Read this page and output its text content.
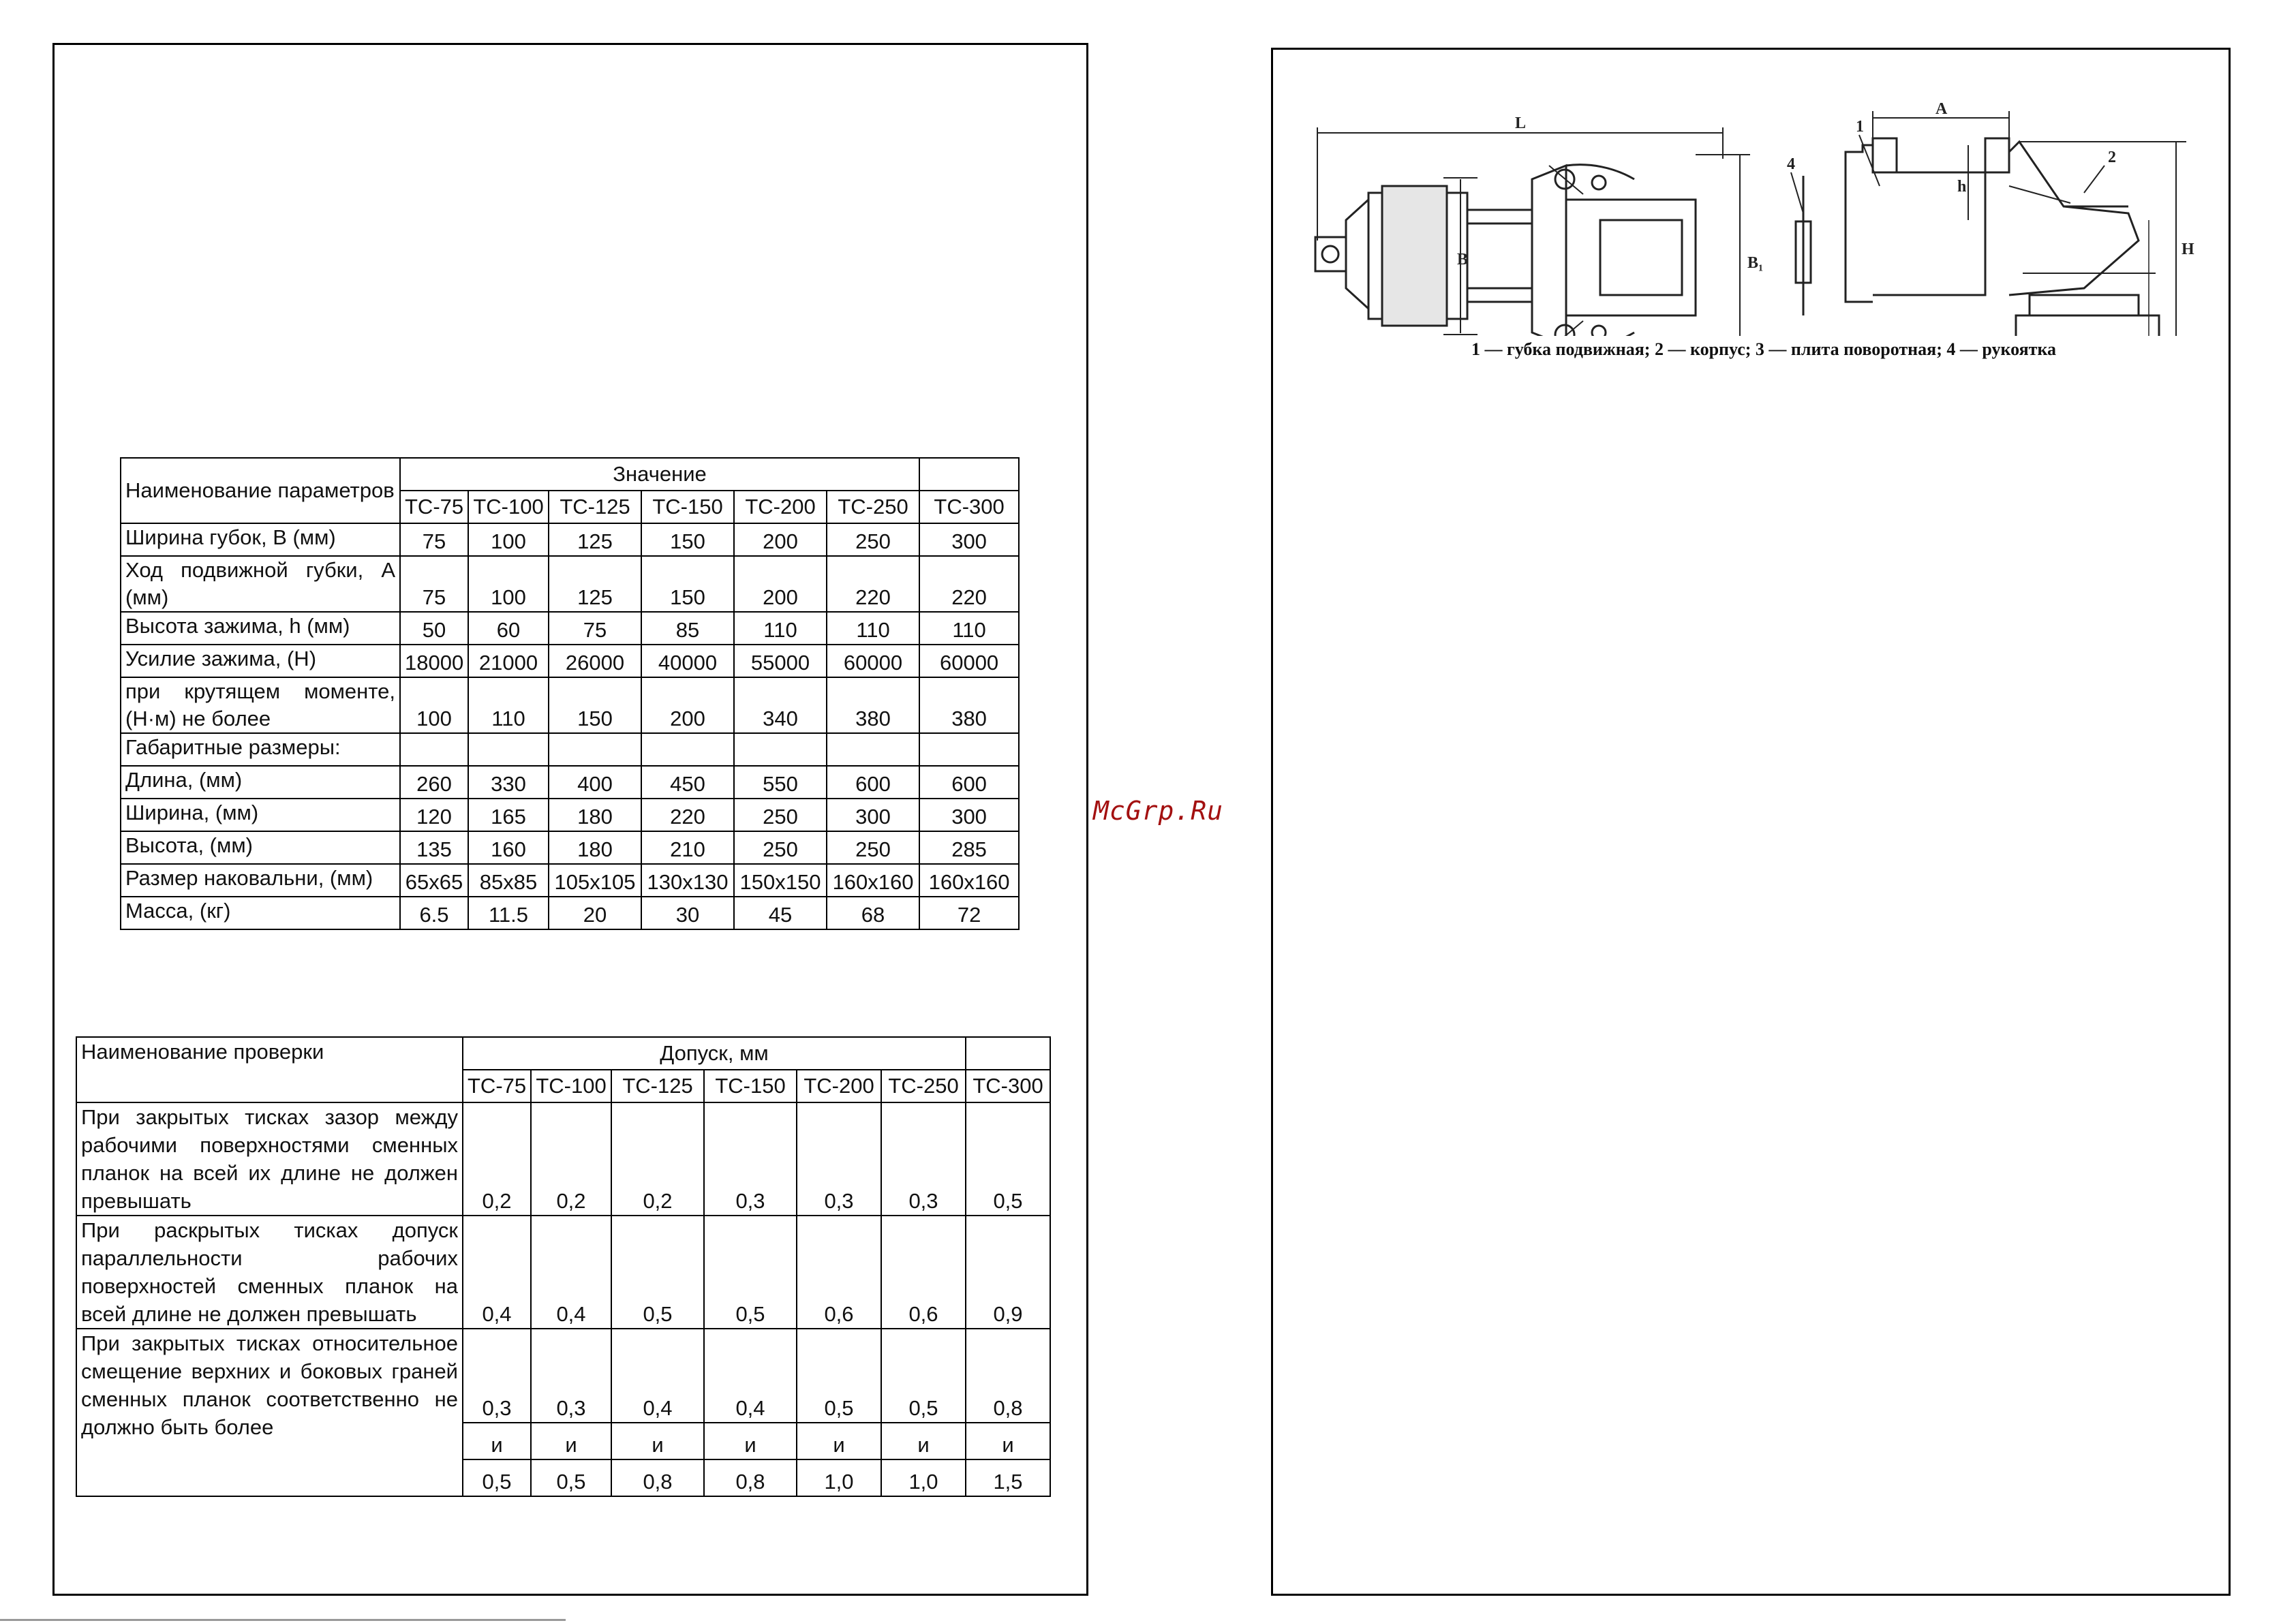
Наименование параметров	Значение						
	ТС-75	ТС-100	ТС-125	ТС-150	ТС-200	ТС-250	ТС-300
Ширина губок, В (мм)	75	100	125	150	200	250	300
Ход подвижной губки, А (мм)	75	100	125	150	200	220	220
Высота зажима, h (мм)	50	60	75	85	110	110	110
Усилие зажима, (Н)	18000	21000	26000	40000	55000	60000	60000
при крутящем моменте, (Н·м) не более	100	110	150	200	340	380	380
Габаритные размеры:							
Длина, (мм)	260	330	400	450	550	600	600
Ширина, (мм)	120	165	180	220	250	300	300
Высота, (мм)	135	160	180	210	250	250	285
Размер наковальни, (мм)	65х65	85х85	105х105	130х130	150х150	160х160	160х160
Масса, (кг)	6.5	11.5	20	30	45	68	72
Наименование проверки	Допуск, мм						
	ТС-75	ТС-100	ТС-125	ТС-150	ТС-200	ТС-250	ТС-300
При закрытых тисках зазор между рабочими поверхностями сменных планок на всей их длине не должен превышать	0,2	0,2	0,2	0,3	0,3	0,3	0,5
При раскрытых тисках допуск параллельности рабочих поверхностей сменных планок на всей длине не должен превышать	0,4	0,4	0,5	0,5	0,6	0,6	0,9
При закрытых тисках относительное смещение верхних и боковых граней сменных планок соответственно не должно быть более	0,3	0,3	0,4	0,4	0,5	0,5	0,8
	и	и	и	и	и	и	и
	0,5	0,5	0,8	0,8	1,0	1,0	1,5
McGrp.Ru
L
B	B₁
A
h
H
1
2
4
1 — губка подвижная; 2 — корпус; 3 — плита поворотная; 4 — рукоятка
